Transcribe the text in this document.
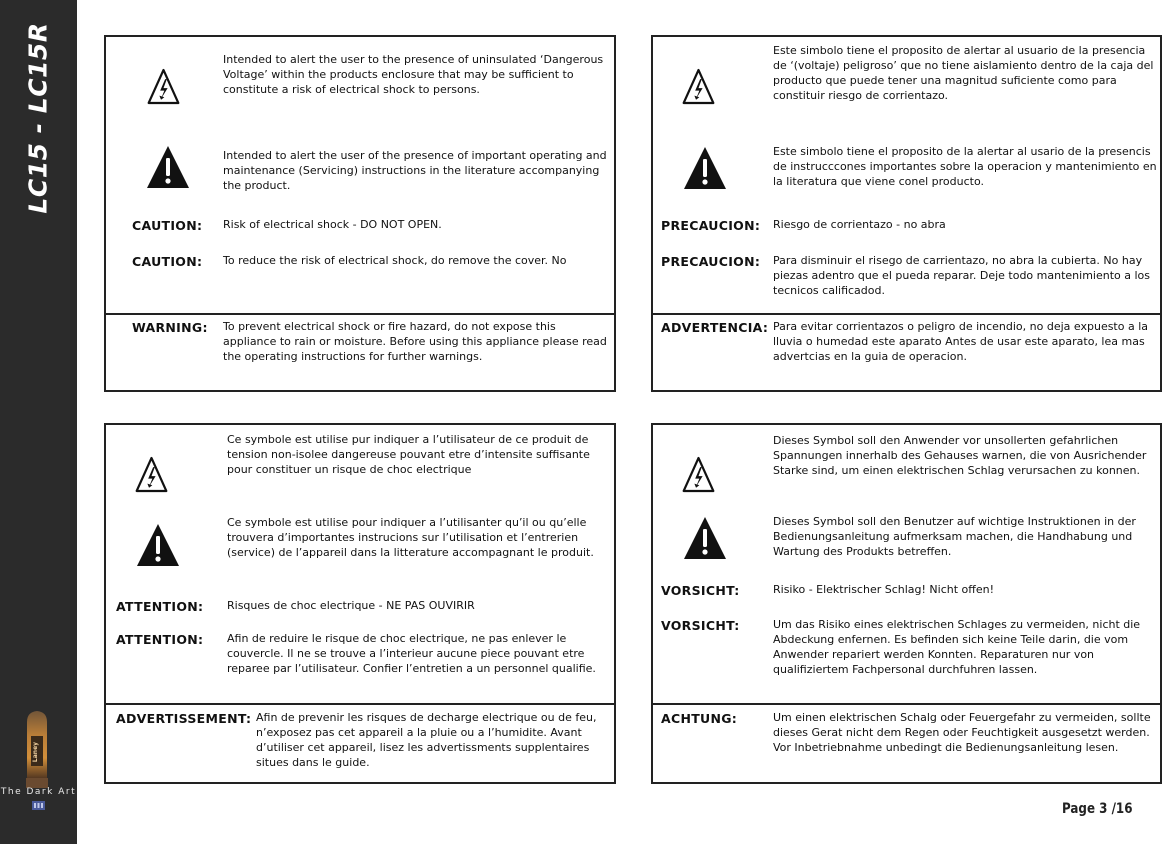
LC15 - LC15R
Laney
The Dark Art
Intended to alert the user to the presence of uninsulated ‘Dangerous Voltage’ within the products enclosure that may be sufficient to constitute a risk of electrical shock to persons.
Intended to alert the user of the presence of important operating and maintenance (Servicing) instructions in the literature accompanying the product.
CAUTION: Risk of electrical shock - DO NOT OPEN.
CAUTION: To reduce the risk of electrical shock, do remove the cover. No
WARNING: To prevent electrical shock or fire hazard, do not expose this appliance to rain or moisture. Before using this appliance please read the operating instructions for further warnings.
Este simbolo tiene el proposito de alertar al usuario de la presencia de ‘(voltaje) peligroso’ que no tiene aislamiento dentro de la caja del producto que puede tener una magnitud suficiente como para constituir riesgo de corrientazo.
Este simbolo tiene el proposito de la alertar al usario de la presencis de instrucccones importantes sobre la operacion y mantenimiento en la literatura que viene conel producto.
PRECAUCION: Riesgo de corrientazo - no abra
PRECAUCION: Para disminuir el risego de carrientazo, no abra la cubierta. No hay piezas adentro que el pueda reparar. Deje todo mantenimiento a los tecnicos calificadod.
ADVERTENCIA: Para evitar corrientazos o peligro de incendio, no deja expuesto a la lluvia o humedad este aparato Antes de usar este aparato, lea mas advertcias en la guia de operacion.
Ce symbole est utilise pur indiquer a l’utilisateur de ce produit de tension non-isolee dangereuse pouvant etre d’intensite suffisante pour constituer un risque de choc electrique
Ce symbole est utilise pour indiquer a l’utilisanter qu’il ou qu’elle trouvera d’importantes instrucions sur l’utilisation et l’entrerien (service) de l’appareil dans la litterature accompagnant le produit.
ATTENTION: Risques de choc electrique - NE PAS OUVIRIR
ATTENTION: Afin de reduire le risque de choc electrique, ne pas enlever le couvercle. Il ne se trouve a l’interieur aucune piece pouvant etre reparee par l’utilisateur. Confier l’entretien a un personnel qualifie.
ADVERTISSEMENT: Afin de prevenir les risques de decharge electrique ou de feu, n’exposez pas cet appareil a la pluie ou a l’humidite. Avant d’utiliser cet appareil, lisez les advertissments supplentaires situes dans le guide.
Dieses Symbol soll den Anwender vor unsollerten gefahrlichen Spannungen innerhalb des Gehauses warnen, die von Ausrichender Starke sind, um einen elektrischen Schlag verursachen zu konnen.
Dieses Symbol soll den Benutzer auf wichtige Instruktionen in der Bedienungsanleitung aufmerksam machen, die Handhabung und Wartung des Produkts betreffen.
VORSICHT:	Risiko - Elektrischer Schlag! Nicht offen!
VORSICHT:	Um das Risiko eines elektrischen Schlages zu vermeiden, nicht die Abdeckung enfernen. Es befinden sich keine Teile darin, die vom Anwender repariert werden Konnten. Reparaturen nur von qualifiziertem Fachpersonal durchfuhren lassen.
ACHTUNG:	Um einen elektrischen Schalg oder Feuergefahr zu vermeiden, sollte dieses Gerat nicht dem Regen oder Feuchtigkeit ausgesetzt werden. Vor Inbetriebnahme unbedingt die Bedienungsanleitung lesen.
Page 3 /16
